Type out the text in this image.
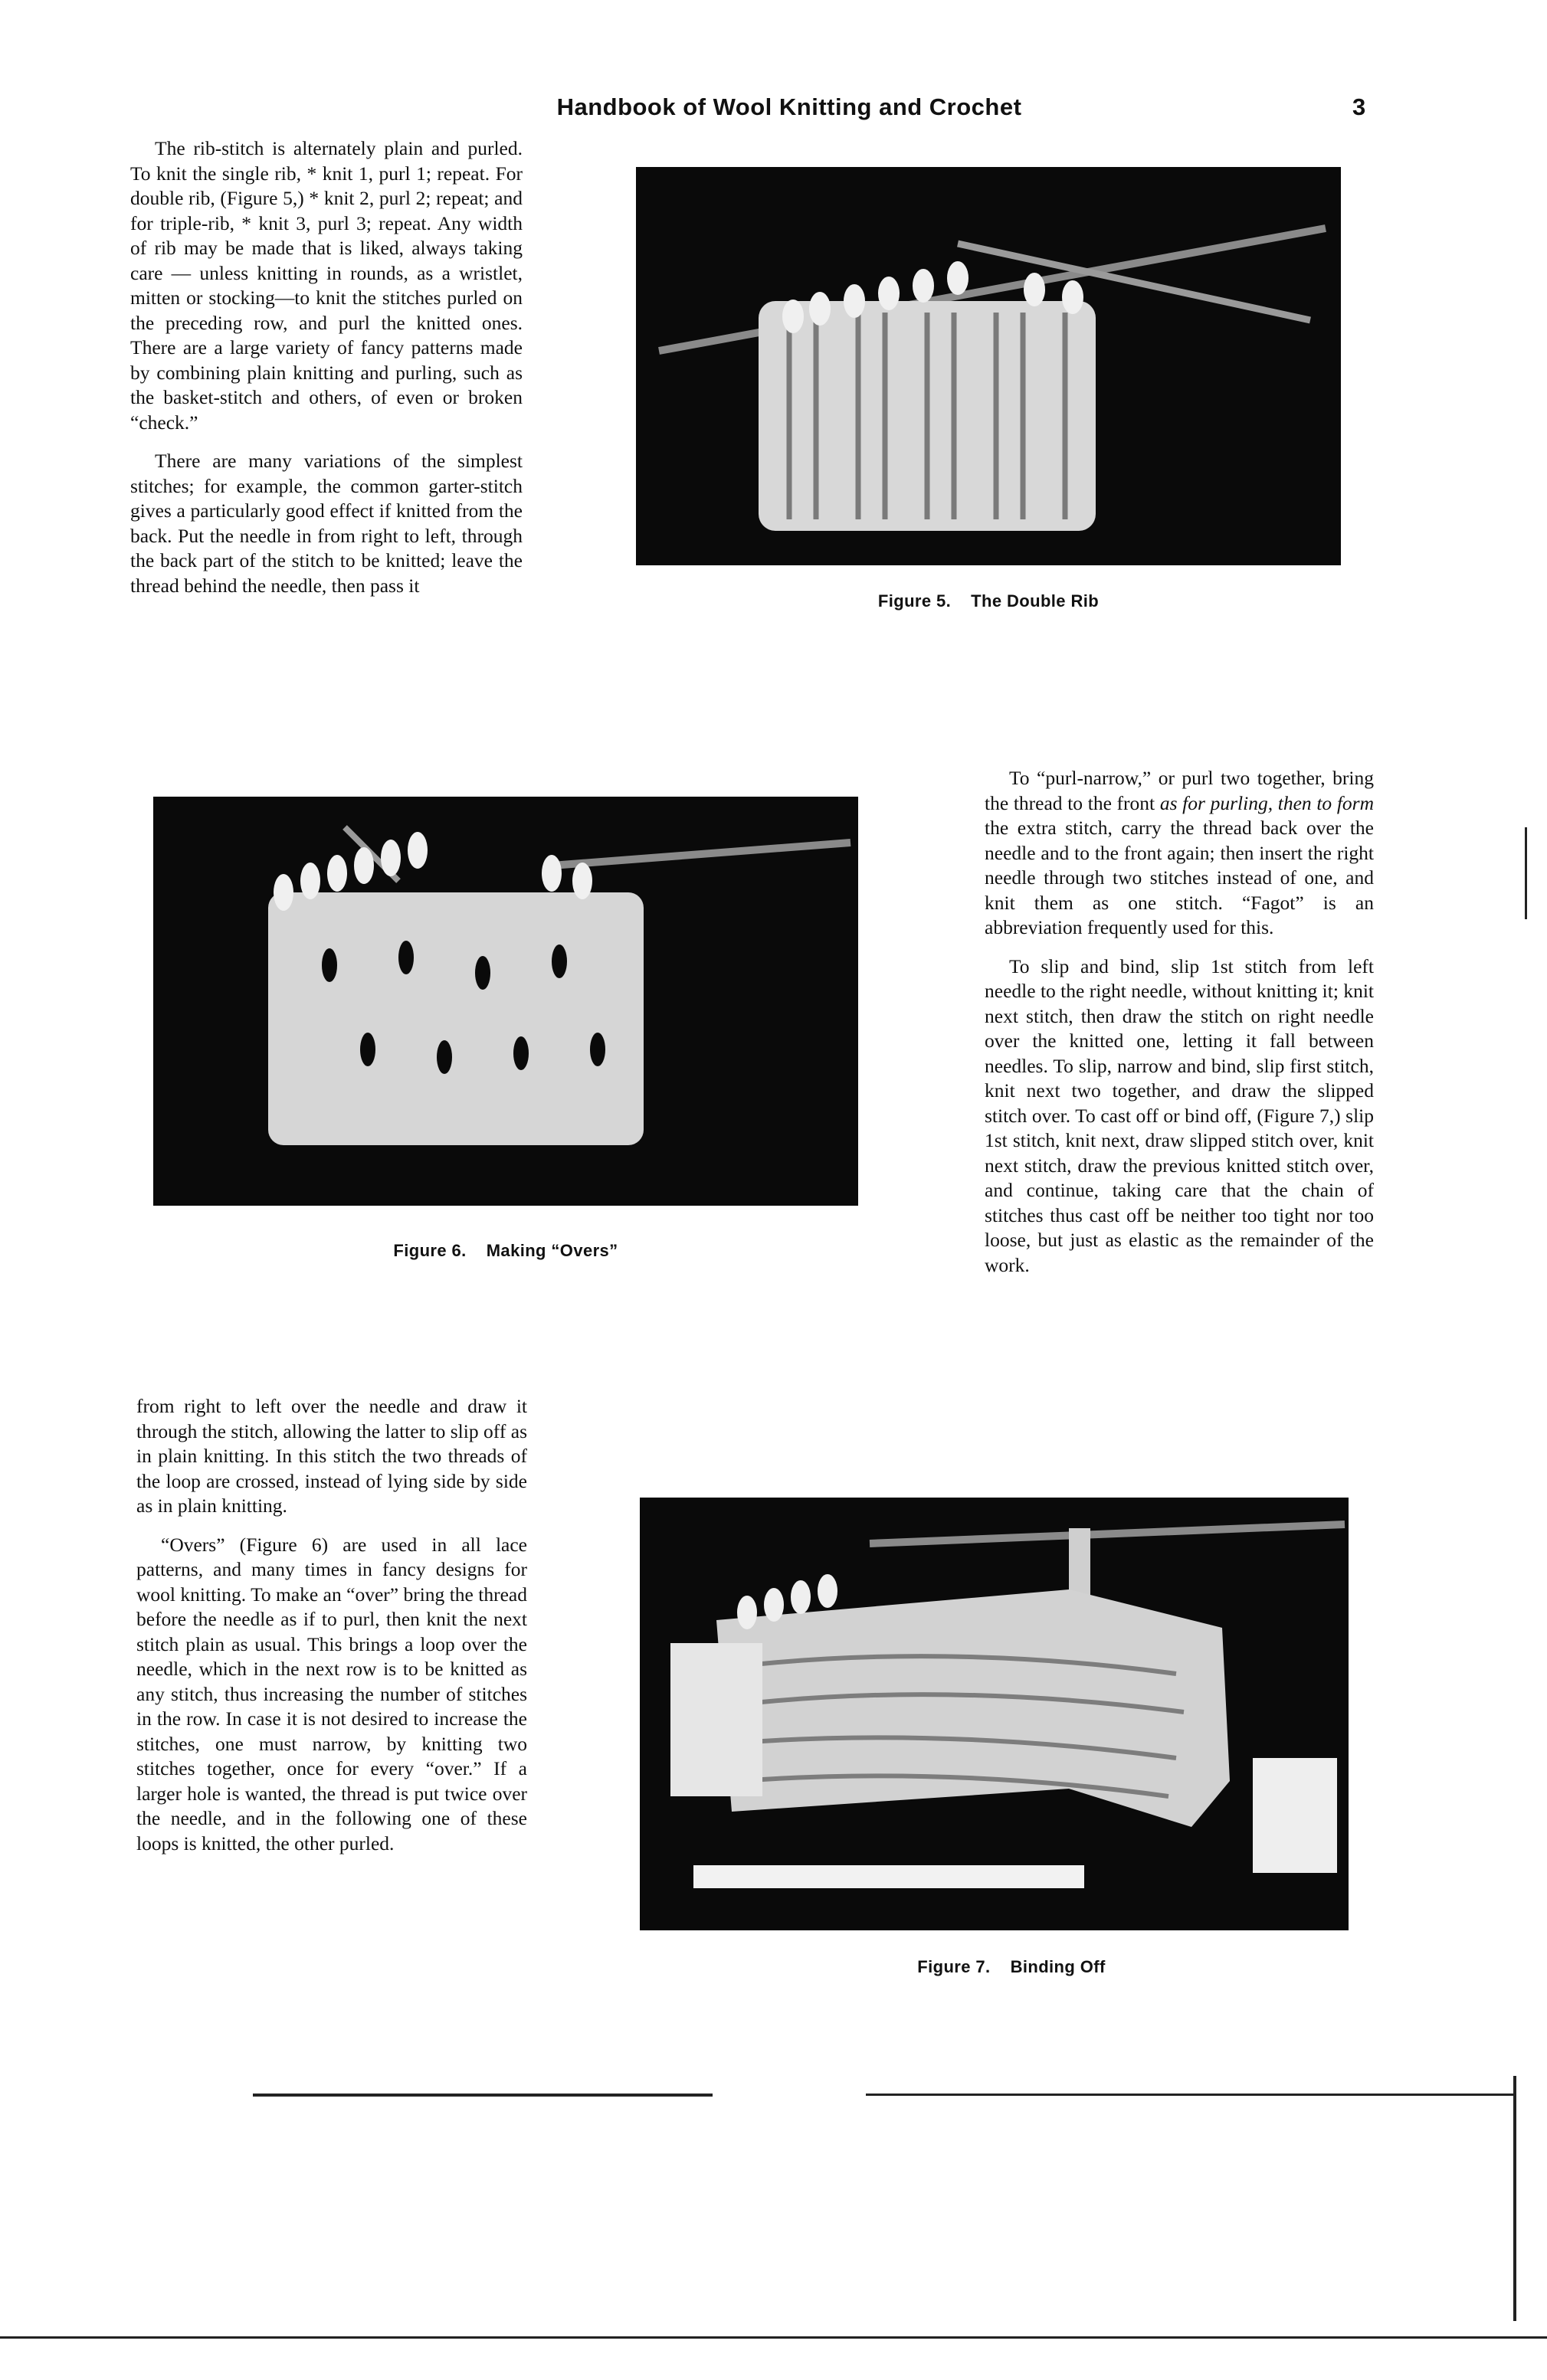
Handbook of Wool Knitting and Crochet	3

The rib-stitch is alternately plain and purled. To knit the single rib, * knit 1, purl 1; repeat. For double rib, (Figure 5,) * knit 2, purl 2; repeat; and for triple-rib, * knit 3, purl 3; repeat. Any width of rib may be made that is liked, always taking care — unless knitting in rounds, as a wristlet, mitten or stocking—to knit the stitches purled on the preceding row, and purl the knitted ones. There are a large variety of fancy patterns made by combining plain knitting and purling, such as the basket-stitch and others, of even or broken “check.”

There are many variations of the simplest stitches; for example, the common garter-stitch gives a particularly good effect if knitted from the back. Put the needle in from right to left, through the back part of the stitch to be knitted; leave the thread behind the needle, then pass it

Figure 5. The Double Rib
Figure 6. Making “Overs”

To “purl-narrow,” or purl two together, bring the thread to the front as for purling, then to form the extra stitch, carry the thread back over the needle and to the front again; then insert the right needle through two stitches instead of one, and knit them as one stitch. “Fagot” is an abbreviation frequently used for this.

To slip and bind, slip 1st stitch from left needle to the right needle, without knitting it; knit next stitch, then draw the stitch on right needle over the knitted one, letting it fall between needles. To slip, narrow and bind, slip first stitch, knit next two together, and draw the slipped stitch over. To cast off or bind off, (Figure 7,) slip 1st stitch, knit next, draw slipped stitch over, knit next stitch, draw the previous knitted stitch over, and continue, taking care that the chain of stitches thus cast off be neither too tight nor too loose, but just as elastic as the remainder of the work.

from right to left over the needle and draw it through the stitch, allowing the latter to slip off as in plain knitting. In this stitch the two threads of the loop are crossed, instead of lying side by side as in plain knitting.

“Overs” (Figure 6) are used in all lace patterns, and many times in fancy designs for wool knitting. To make an “over” bring the thread before the needle as if to purl, then knit the next stitch plain as usual. This brings a loop over the needle, which in the next row is to be knitted as any stitch, thus increasing the number of stitches in the row. In case it is not desired to increase the stitches, one must narrow, by knitting two stitches together, once for every “over.” If a larger hole is wanted, the thread is put twice over the needle, and in the following one of these loops is knitted, the other purled.

Figure 7. Binding Off
